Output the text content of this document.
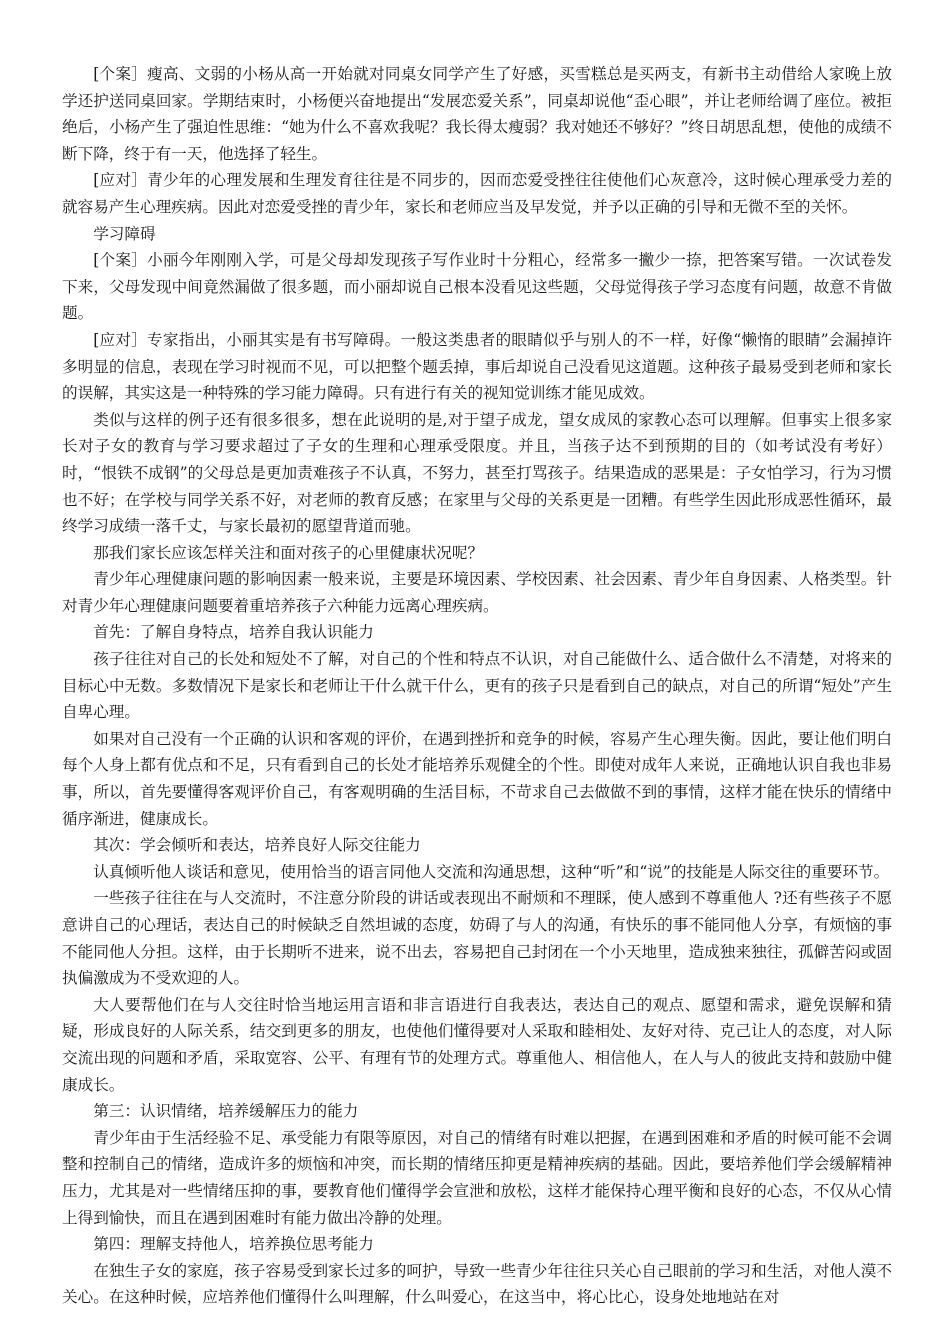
[个案］瘦高、文弱的小杨从高一开始就对同桌女同学产生了好感，买雪糕总是买两支，有新书主动借给人家晚上放学还护送同桌回家。学期结束时，小杨便兴奋地提出“发展恋爱关系”，同桌却说他“歪心眼”，并让老师给调了座位。被拒绝后，小杨产生了强迫性思维：“她为什么不喜欢我呢？我长得太瘦弱？我对她还不够好？”终日胡思乱想，使他的成绩不断下降，终于有一天，他选择了轻生。

[应对］青少年的心理发展和生理发育往往是不同步的，因而恋爱受挫往往使他们心灰意冷，这时候心理承受力差的就容易产生心理疾病。因此对恋爱受挫的青少年，家长和老师应当及早发觉，并予以正确的引导和无微不至的关怀。

学习障碍

[个案］小丽今年刚刚入学，可是父母却发现孩子写作业时十分粗心，经常多一撇少一捺，把答案写错。一次试卷发下来，父母发现中间竟然漏做了很多题，而小丽却说自己根本没看见这些题，父母觉得孩子学习态度有问题，故意不肯做题。

[应对］专家指出，小丽其实是有书写障碍。一般这类患者的眼睛似乎与别人的不一样，好像“懒惰的眼睛”会漏掉许多明显的信息，表现在学习时视而不见，可以把整个题丢掉，事后却说自己没看见这道题。这种孩子最易受到老师和家长的误解，其实这是一种特殊的学习能力障碍。只有进行有关的视知觉训练才能见成效。

类似与这样的例子还有很多很多，想在此说明的是,对于望子成龙，望女成凤的家教心态可以理解。但事实上很多家长对子女的教育与学习要求超过了子女的生理和心理承受限度。并且，当孩子达不到预期的目的（如考试没有考好）时，“恨铁不成钢”的父母总是更加责难孩子不认真，不努力，甚至打骂孩子。结果造成的恶果是：子女怕学习，行为习惯也不好；在学校与同学关系不好，对老师的教育反感；在家里与父母的关系更是一团糟。有些学生因此形成恶性循环，最终学习成绩一落千丈，与家长最初的愿望背道而驰。

那我们家长应该怎样关注和面对孩子的心里健康状况呢？

青少年心理健康问题的影响因素一般来说，主要是环境因素、学校因素、社会因素、青少年自身因素、人格类型。针对青少年心理健康问题要着重培养孩子六种能力远离心理疾病。

首先：了解自身特点，培养自我认识能力

孩子往往对自己的长处和短处不了解，对自己的个性和特点不认识，对自己能做什么、适合做什么不清楚，对将来的目标心中无数。多数情况下是家长和老师让干什么就干什么，更有的孩子只是看到自己的缺点，对自己的所谓“短处”产生自卑心理。

如果对自己没有一个正确的认识和客观的评价，在遇到挫折和竞争的时候，容易产生心理失衡。因此，要让他们明白每个人身上都有优点和不足，只有看到自己的长处才能培养乐观健全的个性。即使对成年人来说，正确地认识自我也非易事，所以，首先要懂得客观评价自己，有客观明确的生活目标，不苛求自己去做做不到的事情，这样才能在快乐的情绪中循序渐进，健康成长。

其次：学会倾听和表达，培养良好人际交往能力

认真倾听他人谈话和意见，使用恰当的语言同他人交流和沟通思想，这种“听”和“说”的技能是人际交往的重要环节。

一些孩子往往在与人交流时，不注意分阶段的讲话或表现出不耐烦和不理睬，使人感到不尊重他人 ?还有些孩子不愿意讲自己的心理话，表达自己的时候缺乏自然坦诚的态度，妨碍了与人的沟通，有快乐的事不能同他人分享，有烦恼的事不能同他人分担。这样，由于长期听不进来，说不出去，容易把自己封闭在一个小天地里，造成独来独往，孤僻苦闷或固执偏激成为不受欢迎的人。

大人要帮他们在与人交往时恰当地运用言语和非言语进行自我表达，表达自己的观点、愿望和需求，避免误解和猜疑，形成良好的人际关系，结交到更多的朋友，也使他们懂得要对人采取和睦相处、友好对待、克己让人的态度，对人际交流出现的问题和矛盾，采取宽容、公平、有理有节的处理方式。尊重他人、相信他人，在人与人的彼此支持和鼓励中健康成长。

第三：认识情绪，培养缓解压力的能力

青少年由于生活经验不足、承受能力有限等原因，对自己的情绪有时难以把握，在遇到困难和矛盾的时候可能不会调整和控制自己的情绪，造成许多的烦恼和冲突，而长期的情绪压抑更是精神疾病的基础。因此，要培养他们学会缓解精神压力，尤其是对一些情绪压抑的事，要教育他们懂得学会宣泄和放松，这样才能保持心理平衡和良好的心态，不仅从心情上得到愉快，而且在遇到困难时有能力做出冷静的处理。

第四：理解支持他人，培养换位思考能力

在独生子女的家庭，孩子容易受到家长过多的呵护，导致一些青少年往往只关心自己眼前的学习和生活，对他人漠不关心。在这种时候，应培养他们懂得什么叫理解，什么叫爱心，在这当中，将心比心，设身处地地站在对
